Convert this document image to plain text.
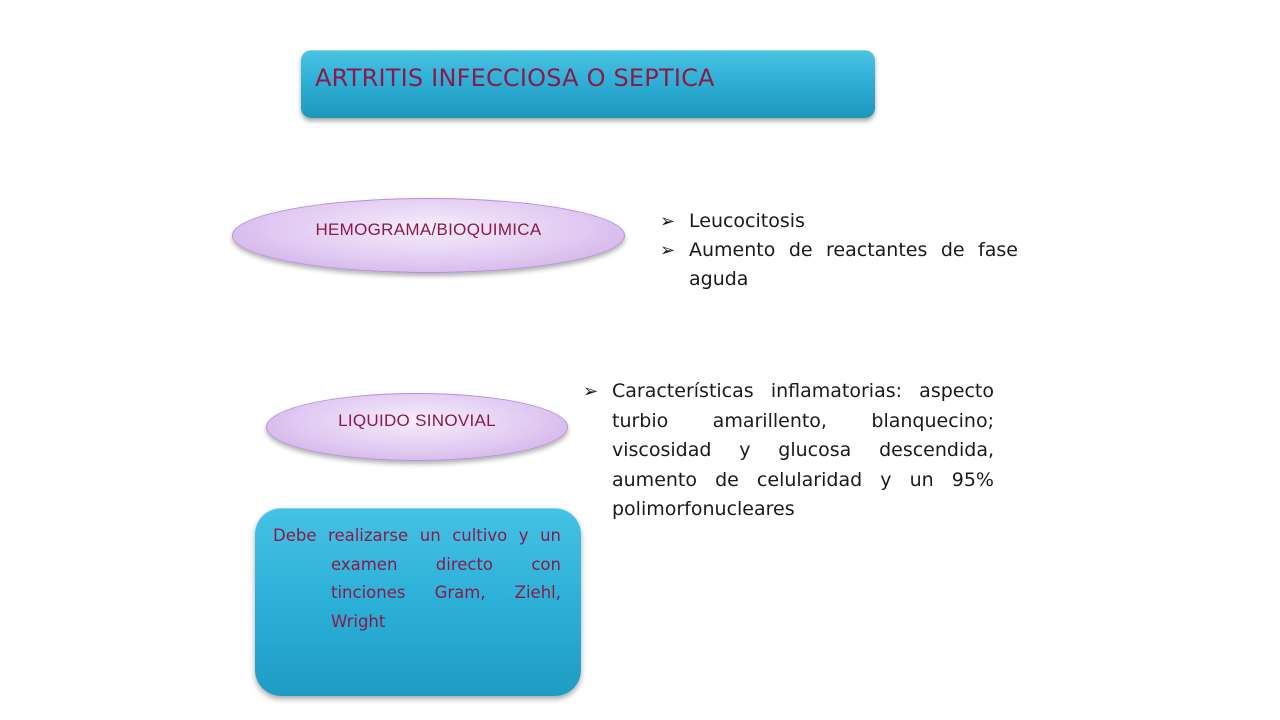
ARTRITIS INFECCIOSA O SEPTICA
HEMOGRAMA/BIOQUIMICA	➢ Leucocitosis
➢ Aumento de reactantes de fase aguda
LIQUIDO SINOVIAL
➢ Características inflamatorias: aspecto turbio amarillento, blanquecino; viscosidad y glucosa descendida, aumento de celularidad y un 95% polimorfonucleares
Debe realizarse un cultivo y un examen directo con tinciones Gram, Ziehl, Wright
